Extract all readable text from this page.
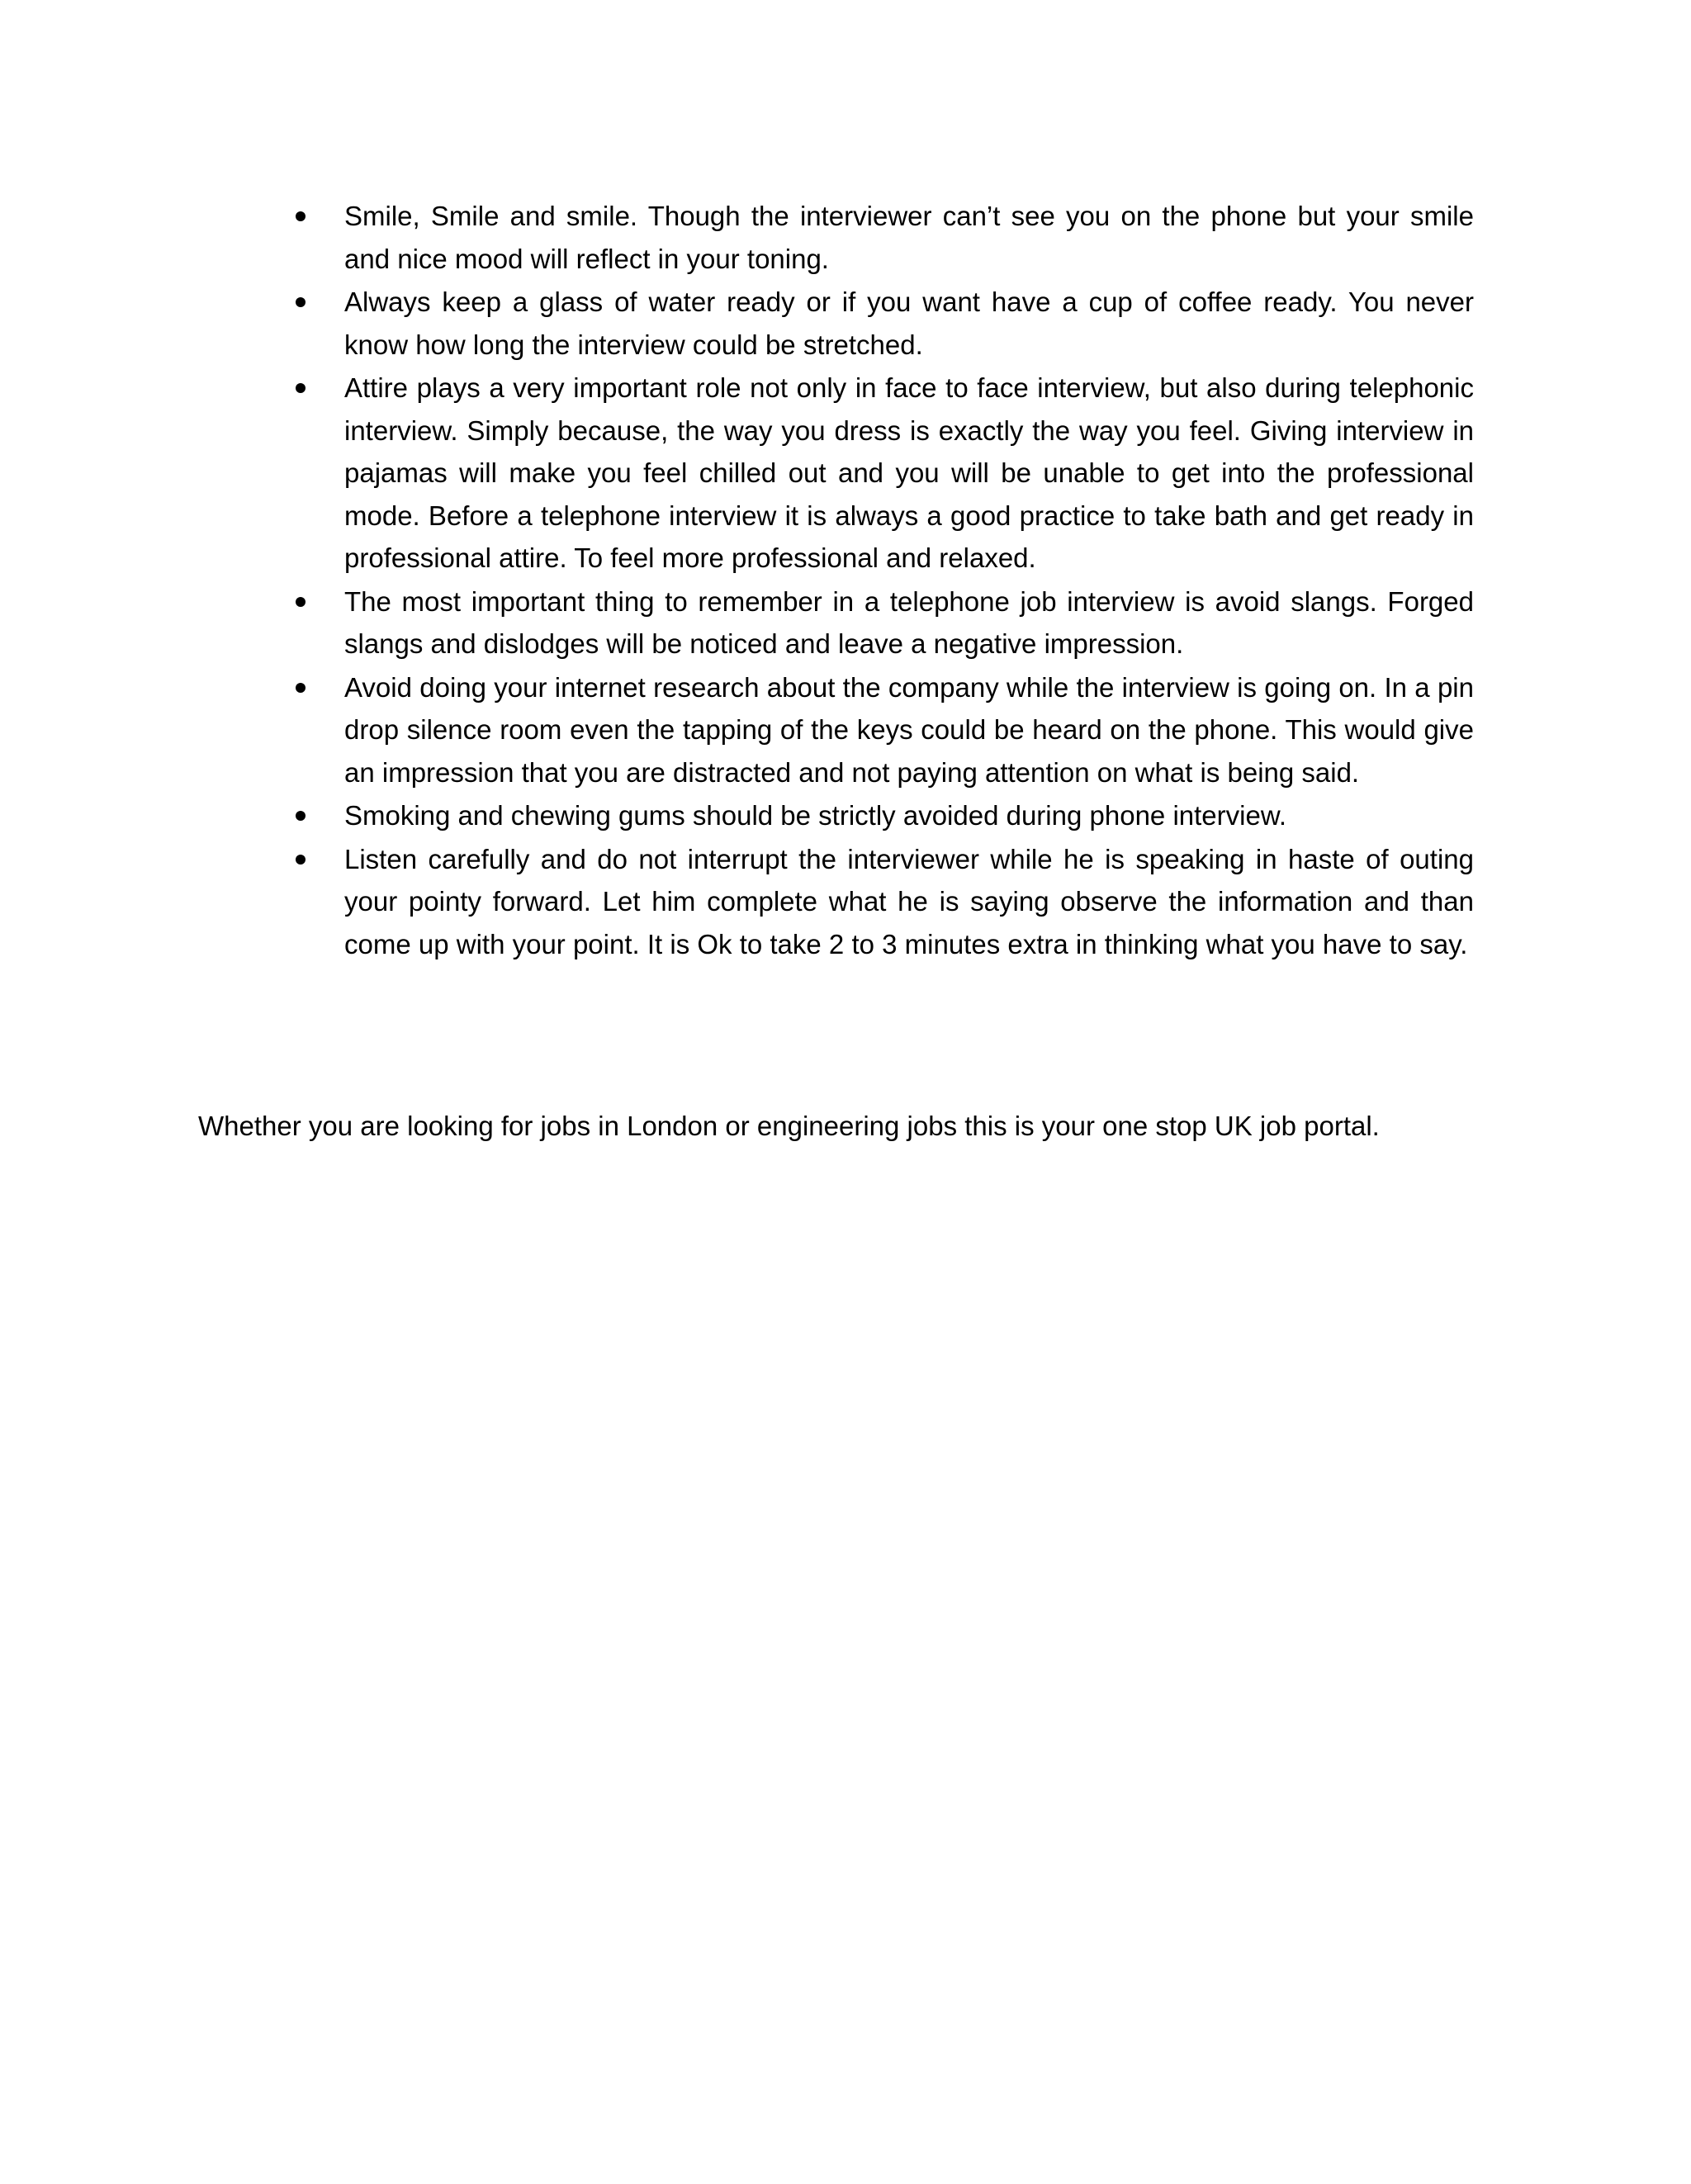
Smile, Smile and smile. Though the interviewer can’t see you on the phone but your smile and nice mood will reflect in your toning.
Always keep a glass of water ready or if you want have a cup of coffee ready. You never know how long the interview could be stretched.
Attire plays a very important role not only in face to face interview, but also during telephonic interview. Simply because, the way you dress is exactly the way you feel. Giving interview in pajamas will make you feel chilled out and you will be unable to get into the professional mode. Before a telephone interview it is always a good practice to take bath and get ready in professional attire. To feel more professional and relaxed.
The most important thing to remember in a telephone job interview is avoid slangs. Forged slangs and dislodges will be noticed and leave a negative impression.
Avoid doing your internet research about the company while the interview is going on. In a pin drop silence room even the tapping of the keys could be heard on the phone. This would give an impression that you are distracted and not paying attention on what is being said.
Smoking and chewing gums should be strictly avoided during phone interview.
Listen carefully and do not interrupt the interviewer while he is speaking in haste of outing your pointy forward. Let him complete what he is saying observe the information and than come up with your point. It is Ok to take 2 to 3 minutes extra in thinking what you have to say.

Whether you are looking for jobs in London or engineering jobs this is your one stop UK job portal.
